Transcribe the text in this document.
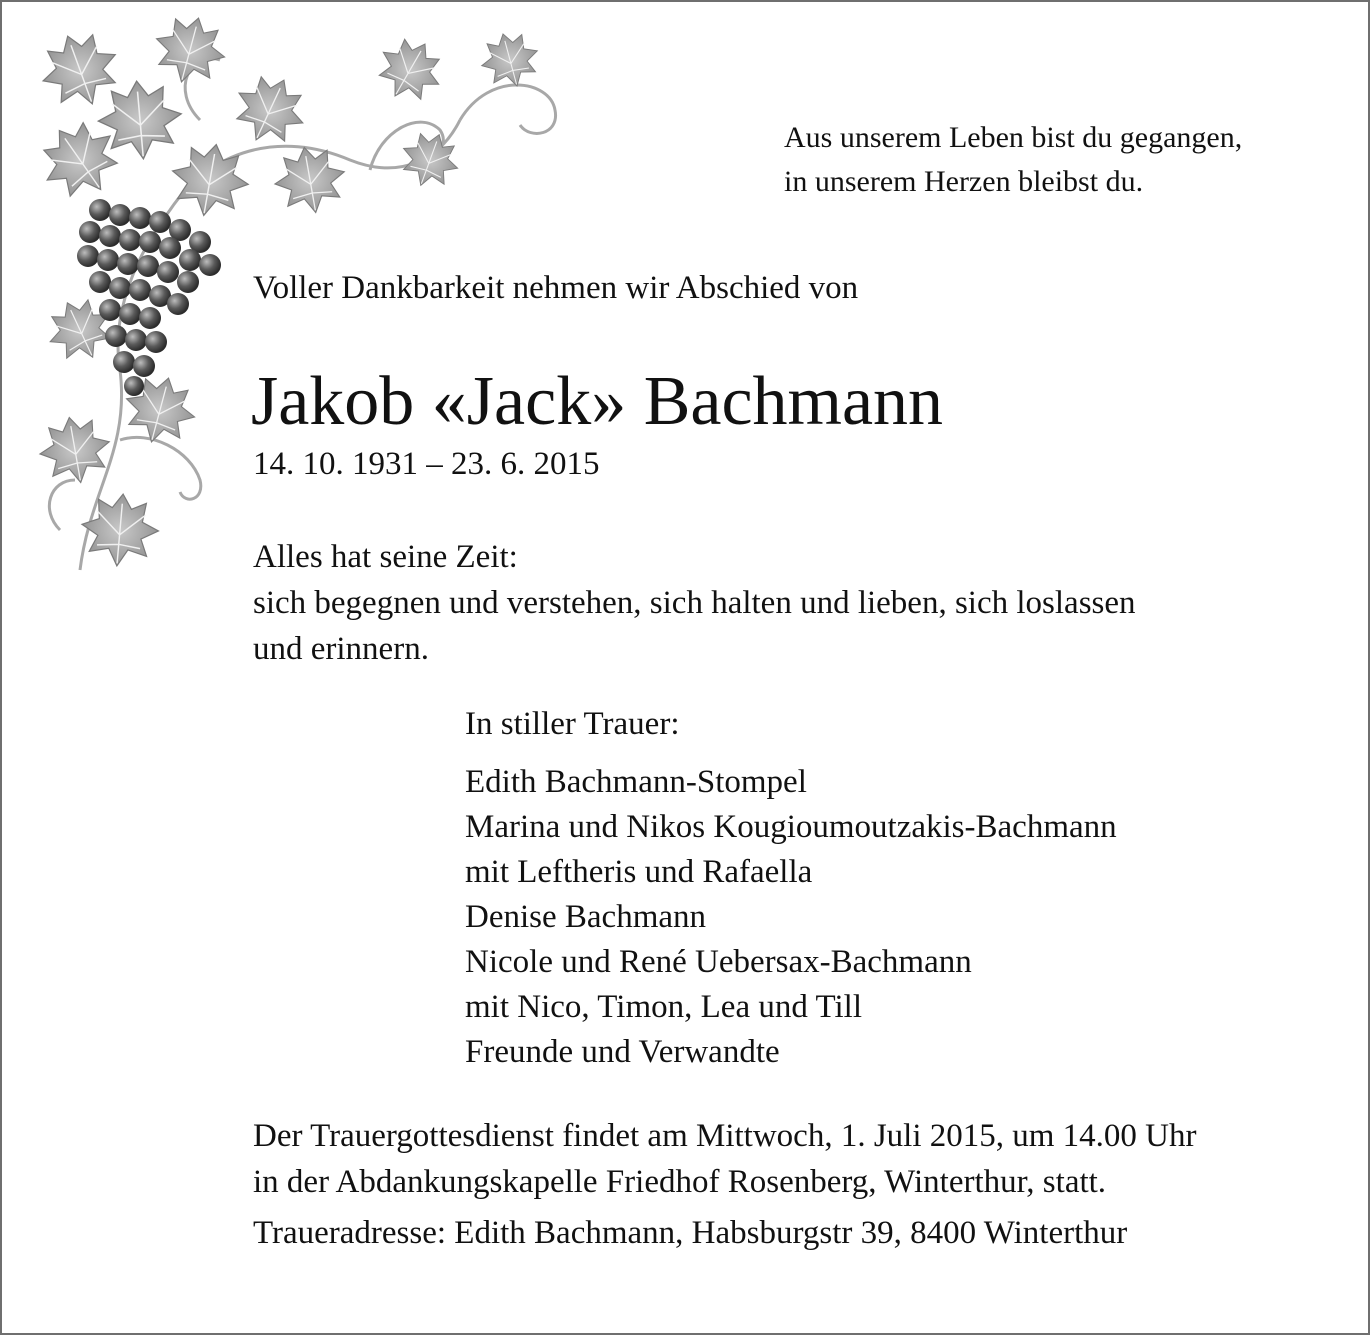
Aus unserem Leben bist du gegangen,
in unserem Herzen bleibst du.
Voller Dankbarkeit nehmen wir Abschied von
Jakob «Jack» Bachmann
14. 10. 1931 – 23. 6. 2015
Alles hat seine Zeit:
sich begegnen und verstehen, sich halten und lieben, sich loslassen
und erinnern.
In stiller Trauer:
Edith Bachmann-Stompel
Marina und Nikos Kougioumoutzakis-Bachmann
mit Leftheris und Rafaella
Denise Bachmann
Nicole und René Uebersax-Bachmann
mit Nico, Timon, Lea und Till
Freunde und Verwandte
Der Trauergottesdienst findet am Mittwoch, 1. Juli 2015, um 14.00 Uhr
in der Abdankungskapelle Friedhof Rosenberg, Winterthur, statt.
Traueradresse: Edith Bachmann, Habsburgstr 39, 8400 Winterthur
